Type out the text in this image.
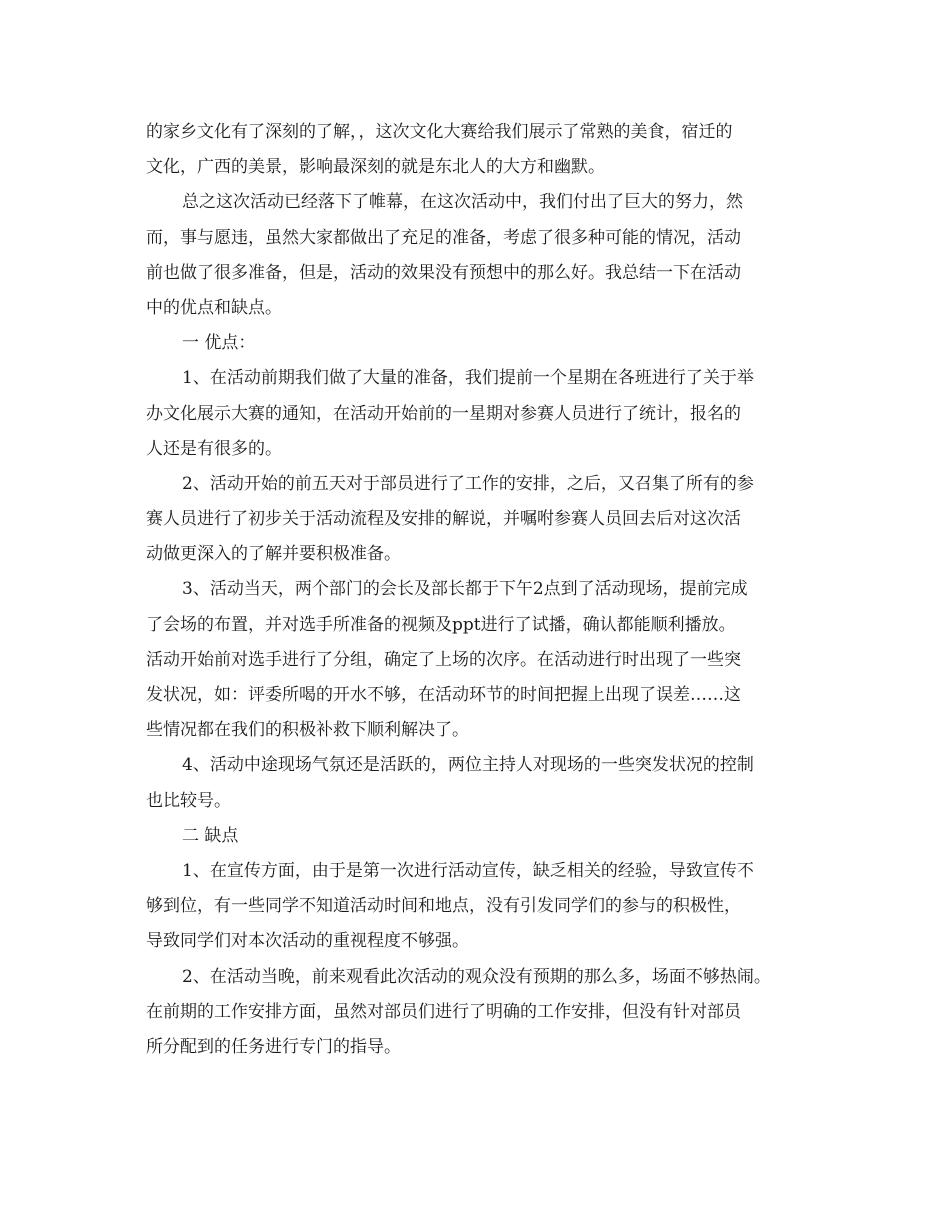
的家乡文化有了深刻的了解，，这次文化大赛给我们展示了常熟的美食，宿迁的
文化，广西的美景，影响最深刻的就是东北人的大方和幽默。
总之这次活动已经落下了帷幕，在这次活动中，我们付出了巨大的努力，然
而，事与愿违，虽然大家都做出了充足的准备，考虑了很多种可能的情况，活动
前也做了很多准备，但是，活动的效果没有预想中的那么好。我总结一下在活动
中的优点和缺点。
一 优点：
1、在活动前期我们做了大量的准备，我们提前一个星期在各班进行了关于举
办文化展示大赛的通知，在活动开始前的一星期对参赛人员进行了统计，报名的
人还是有很多的。
2、活动开始的前五天对于部员进行了工作的安排，之后，又召集了所有的参
赛人员进行了初步关于活动流程及安排的解说，并嘱咐参赛人员回去后对这次活
动做更深入的了解并要积极准备。
3、活动当天，两个部门的会长及部长都于下午2点到了活动现场，提前完成
了会场的布置，并对选手所准备的视频及ppt进行了试播，确认都能顺利播放。
活动开始前对选手进行了分组，确定了上场的次序。在活动进行时出现了一些突
发状况，如：评委所喝的开水不够，在活动环节的时间把握上出现了误差……这
些情况都在我们的积极补救下顺利解决了。
4、活动中途现场气氛还是活跃的，两位主持人对现场的一些突发状况的控制
也比较号。
二 缺点
1、在宣传方面，由于是第一次进行活动宣传，缺乏相关的经验，导致宣传不
够到位，有一些同学不知道活动时间和地点，没有引发同学们的参与的积极性，
导致同学们对本次活动的重视程度不够强。
2、在活动当晚，前来观看此次活动的观众没有预期的那么多，场面不够热闹。
在前期的工作安排方面，虽然对部员们进行了明确的工作安排，但没有针对部员
所分配到的任务进行专门的指导。
